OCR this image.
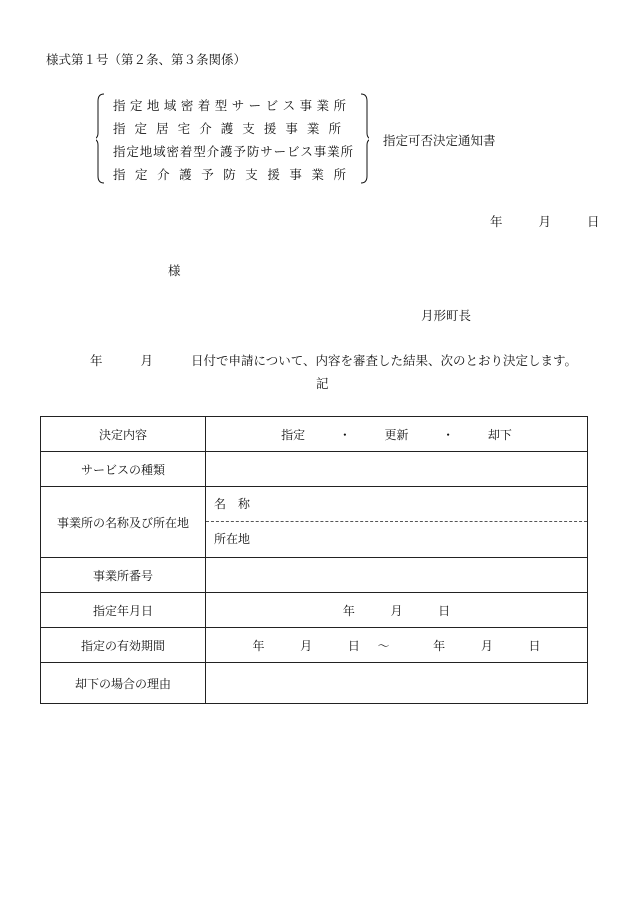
様式第１号（第２条、第３条関係）
指定地域密着型サービス事業所
指定居宅介護支援事業所
指定地域密着型介護予防サービス事業所
指定介護予防支援事業所
指定可否決定通知書
年	月	日
様
月形町長
年	月	日付で申請について、内容を審査した結果、次のとおり決定します。
記
決定内容	指定 ・ 更新 ・ 却下
サービスの種類	
事業所の名称及び所在地	名　称
所在地

事業所番号	
指定年月日	年 月 日
指定の有効期間	年 月 日 ～ 年 月 日
却下の場合の理由	
